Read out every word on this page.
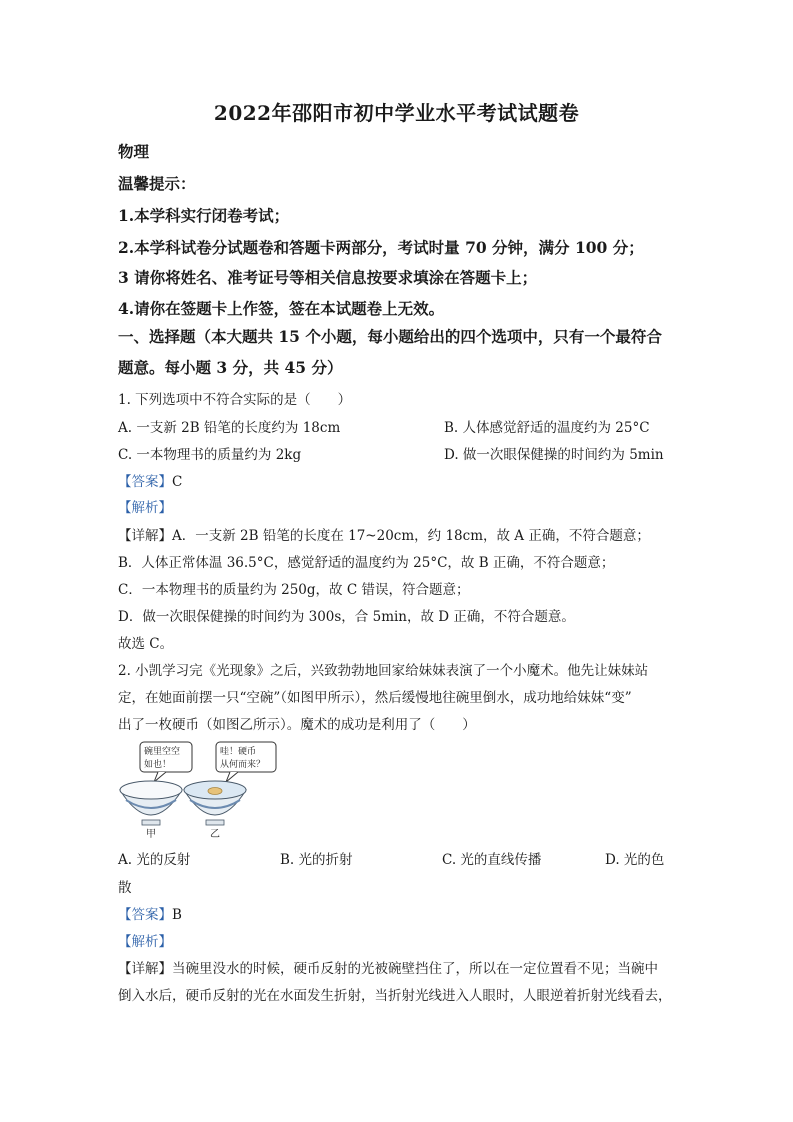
2022年邵阳市初中学业水平考试试题卷
物理
温馨提示：
1.本学科实行闭卷考试；
2.本学科试卷分试题卷和答题卡两部分，考试时量 70 分钟，满分 100 分；
3 请你将姓名、准考证号等相关信息按要求填涂在答题卡上；
4.请你在签题卡上作签，签在本试题卷上无效。
一、选择题（本大题共 15 个小题，每小题给出的四个选项中，只有一个最符合
题意。每小题 3 分，共 45 分）
1. 下列选项中不符合实际的是（　　）
A. 一支新 2B 铅笔的长度约为 18cm	B. 人体感觉舒适的温度约为 25°C
C. 一本物理书的质量约为 2kg	D. 做一次眼保健操的时间约为 5min
【答案】C
【解析】
【详解】A．一支新 2B 铅笔的长度在 17~20cm，约 18cm，故 A 正确，不符合题意；
B．人体正常体温 36.5°C，感觉舒适的温度约为 25°C，故 B 正确，不符合题意；
C．一本物理书的质量约为 250g，故 C 错误，符合题意；
D．做一次眼保健操的时间约为 300s，合 5min，故 D 正确，不符合题意。
故选 C。
2. 小凯学习完《光现象》之后，兴致勃勃地回家给妹妹表演了一个小魔术。他先让妹妹站
定，在她面前摆一只“空碗”（如图甲所示），然后缓慢地往碗里倒水，成功地给妹妹“变”
出了一枚硬币（如图乙所示）。魔术的成功是利用了（　　）
碗里空空
如也！
哇！硬币
从何而来？
甲	乙
A. 光的反射	B. 光的折射	C. 光的直线传播	D. 光的色
散
【答案】B
【解析】
【详解】当碗里没水的时候，硬币反射的光被碗壁挡住了，所以在一定位置看不见；当碗中
倒入水后，硬币反射的光在水面发生折射，当折射光线进入人眼时，人眼逆着折射光线看去，
